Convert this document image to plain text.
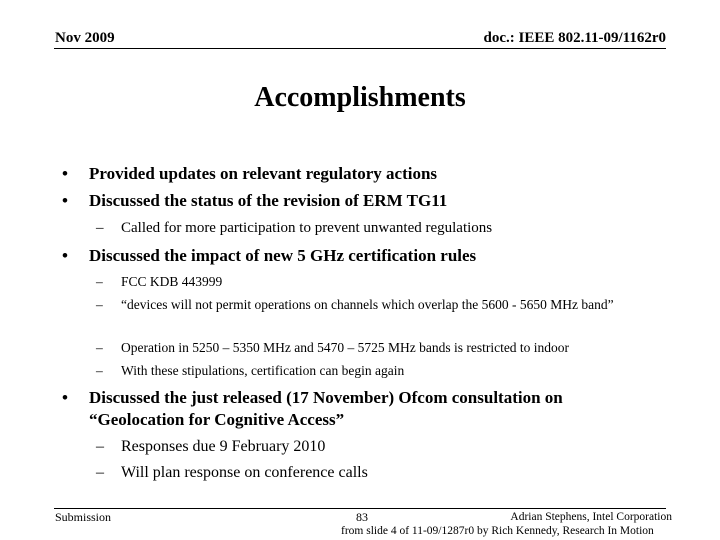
Nov 2009	doc.: IEEE 802.11-09/1162r0
Accomplishments
• Provided updates on relevant regulatory actions
• Discussed the status of the revision of ERM TG11
– Called for more participation to prevent unwanted regulations
• Discussed the impact of new 5 GHz certification rules
– FCC KDB 443999
– “devices will not permit operations on channels which overlap the 5600 - 5650 MHz band”
– Operation in 5250 – 5350 MHz and 5470 – 5725 MHz bands is restricted to indoor
– With these stipulations, certification can begin again
• Discussed the just released (17 November) Ofcom consultation on “Geolocation for Cognitive Access”
– Responses due 9 February 2010
– Will plan response on conference calls
Submission	83	Adrian Stephens, Intel Corporation
from slide 4 of 11-09/1287r0 by Rich Kennedy, Research In Motion
